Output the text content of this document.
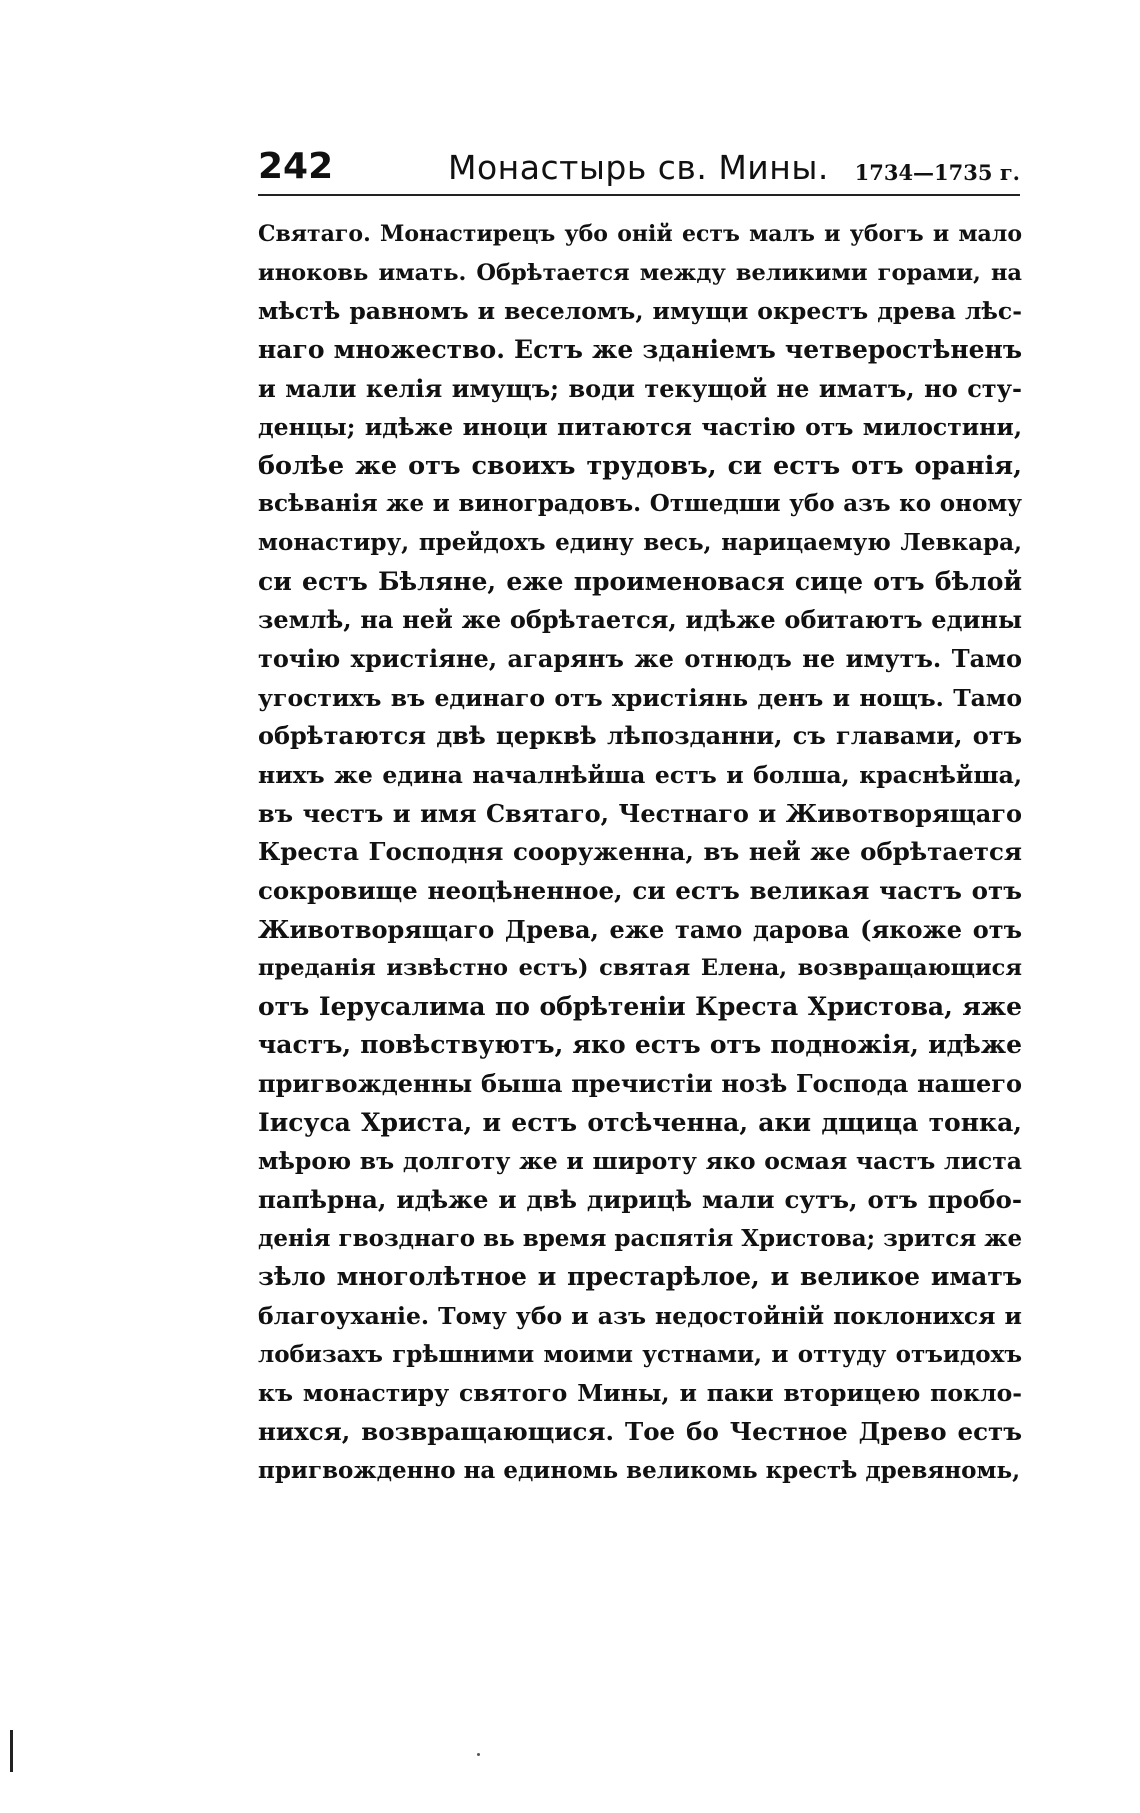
242	Монастырь св. Мины. 1734—1735 г.
Святаго. Монастирецъ убо оній естъ малъ и убогъ и мало
иноковь имать. Обрѣтается между великими горами, на
мѣстѣ равномъ и веселомъ, имущи окрестъ древа лѣс-
наго множество. Естъ же зданіемъ четверостѣненъ
и мали келія имущъ; води текущой не иматъ, но сту-
денцы; идѣже иноци питаются частію отъ милостини,
болѣе же отъ своихъ трудовъ, си естъ отъ оранія,
всѣванія же и виноградовъ. Отшедши убо азъ ко оному
монастиру, прейдохъ едину весь, нарицаемую Левкара,
си естъ Бѣляне, еже проименовася сице отъ бѣлой
землѣ, на ней же обрѣтается, идѣже обитаютъ едины
точію христіяне, агарянъ же отнюдъ не имутъ. Тамо
угостихъ въ единаго отъ христіянь денъ и нощъ. Тамо
обрѣтаются двѣ церквѣ лѣпозданни, съ главами, отъ
нихъ же едина началнѣйша естъ и болша, краснѣйша,
въ честъ и имя Святаго, Честнаго и Животворящаго
Креста Господня сооруженна, въ ней же обрѣтается
сокровище неоцѣненное, си естъ великая частъ отъ
Животворящаго Древа, еже тамо дарова (якоже отъ
преданія извѣстно естъ) святая Елена, возвращающися
отъ Іерусалима по обрѣтеніи Креста Христова, яже
частъ, повѣствуютъ, яко естъ отъ подножія, идѣже
пригвожденны быша пречистіи нозѣ Господа нашего
Іисуса Христа, и естъ отсѣченна, аки дщица тонка,
мѣрою въ долготу же и широту яко осмая частъ листа
папѣрна, идѣже и двѣ дирицѣ мали сутъ, отъ пробо-
денія гвозднаго вь время распятія Христова; зрится же
зѣло многолѣтное и престарѣлое, и великое иматъ
благоуханіе. Тому убо и азъ недостойній поклонихся и
лобизахъ грѣшними моими устнами, и оттуду отъидохъ
къ монастиру святого Мины, и паки вторицею покло-
нихся, возвращающися. Тое бо Честное Древо естъ
пригвожденно на единомь великомь крестѣ древяномь,
